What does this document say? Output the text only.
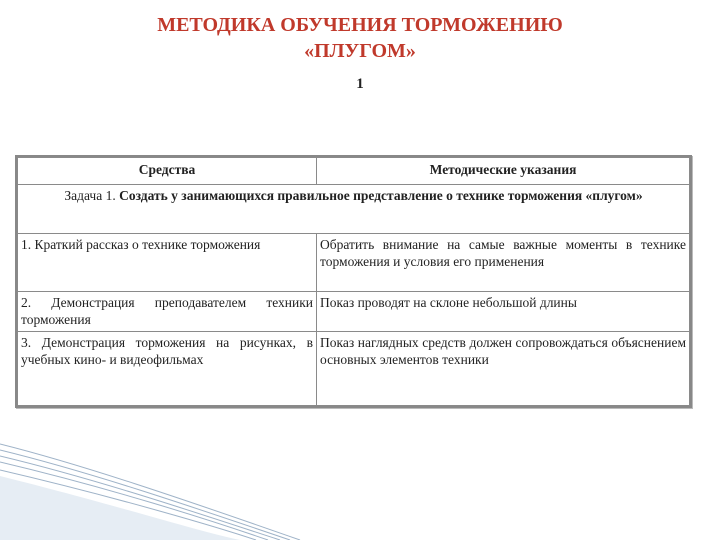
МЕТОДИКА ОБУЧЕНИЯ ТОРМОЖЕНИЮ
«ПЛУГОМ»
1
Средства	Методические указания
Задача 1. Создать у занимающихся правильное представление о технике торможения «плугом»	
1. Краткий рассказ о технике торможения	Обратить внимание на самые важные моменты в технике торможения и условия его применения
2. Демонстрация преподавателем техники торможения	Показ проводят на склоне небольшой длины
3. Демонстрация торможения на рисунках, в учебных кино- и видеофильмах	Показ наглядных средств должен сопровождаться объяснением основных элементов техники
